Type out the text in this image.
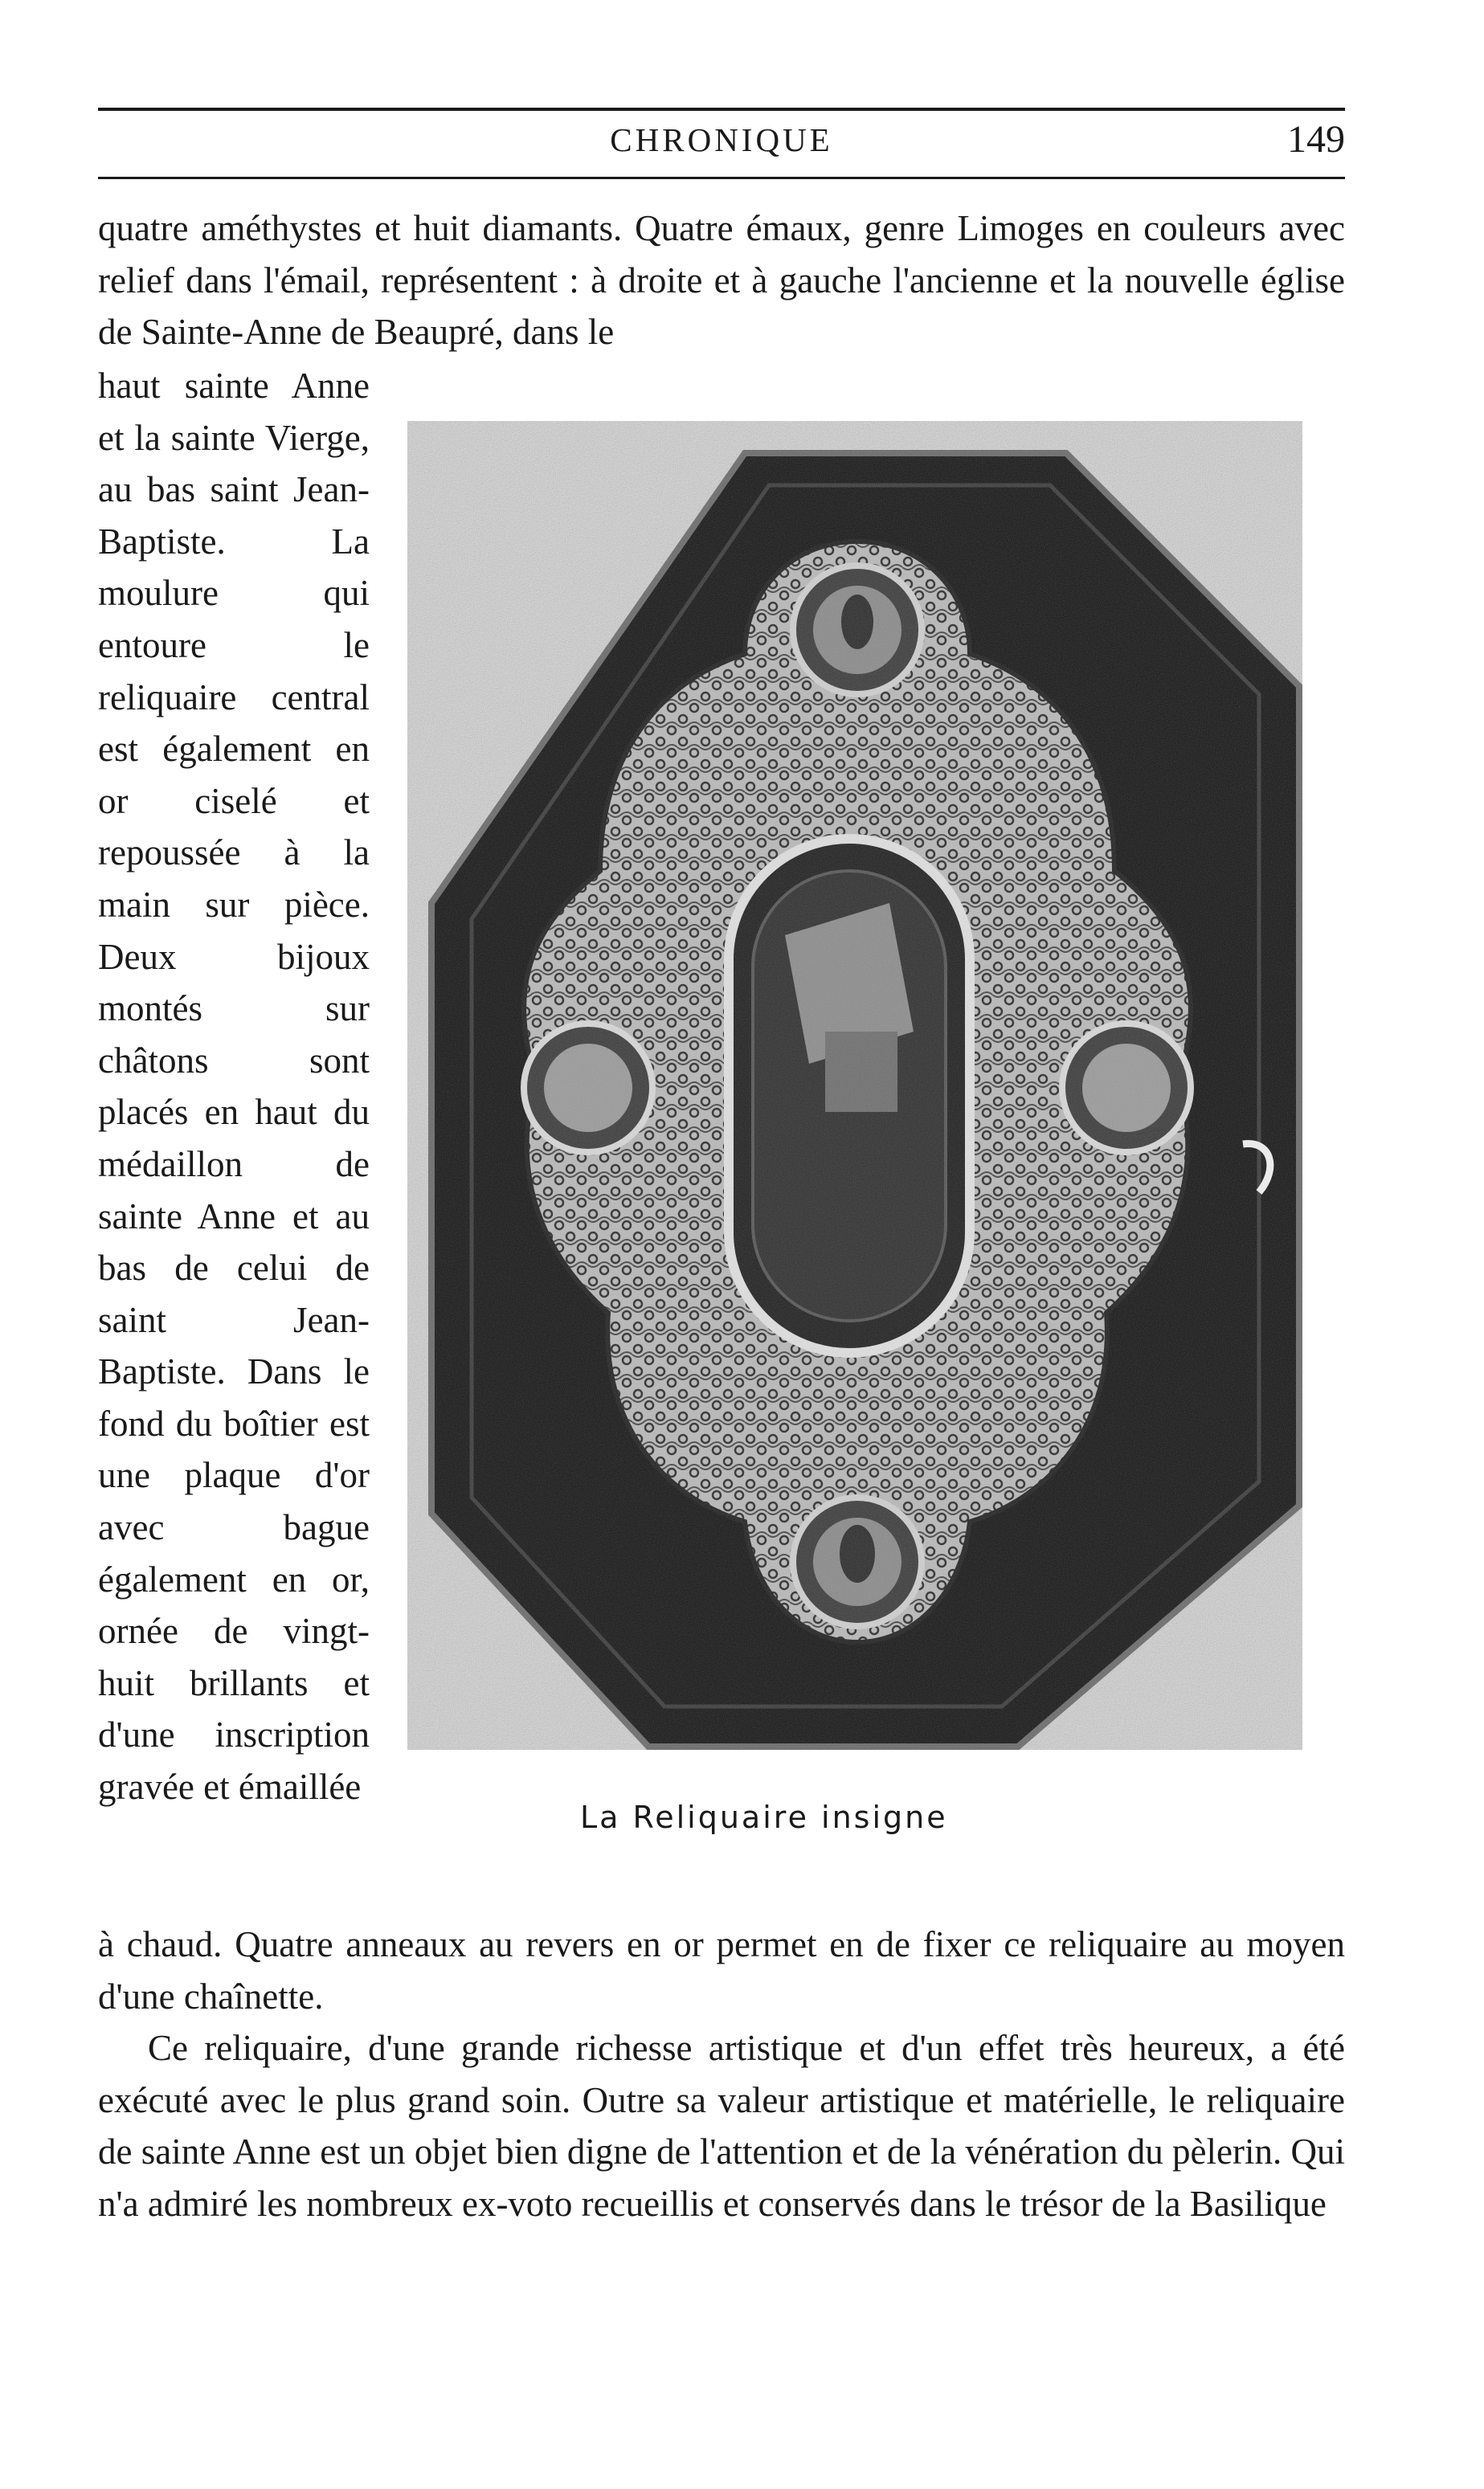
CHRONIQUE	149

quatre améthystes et huit diamants. Quatre émaux, genre Limoges en couleurs avec relief dans l'émail, représentent : à droite et à gauche l'ancienne et la nouvelle église de Sainte-Anne de Beaupré, dans le

haut sainte Anne et la sainte Vierge, au bas saint Jean-Baptiste. La moulure qui entoure le reliquaire central est également en or ciselé et repoussée à la main sur pièce. Deux bijoux montés sur châtons sont placés en haut du médaillon de sainte Anne et au bas de celui de saint Jean-Baptiste. Dans le fond du boîtier est une plaque d'or avec bague également en or, ornée de vingt-huit brillants et d'une inscription gravée et émaillée

La Reliquaire insigne

à chaud. Quatre anneaux au revers en or permet en de fixer ce reliquaire au moyen d'une chaînette.

Ce reliquaire, d'une grande richesse artistique et d'un effet très heureux, a été exécuté avec le plus grand soin. Outre sa valeur artistique et matérielle, le reliquaire de sainte Anne est un objet bien digne de l'attention et de la vénération du pèlerin. Qui n'a admiré les nombreux ex-voto recueillis et conservés dans le trésor de la Basilique
